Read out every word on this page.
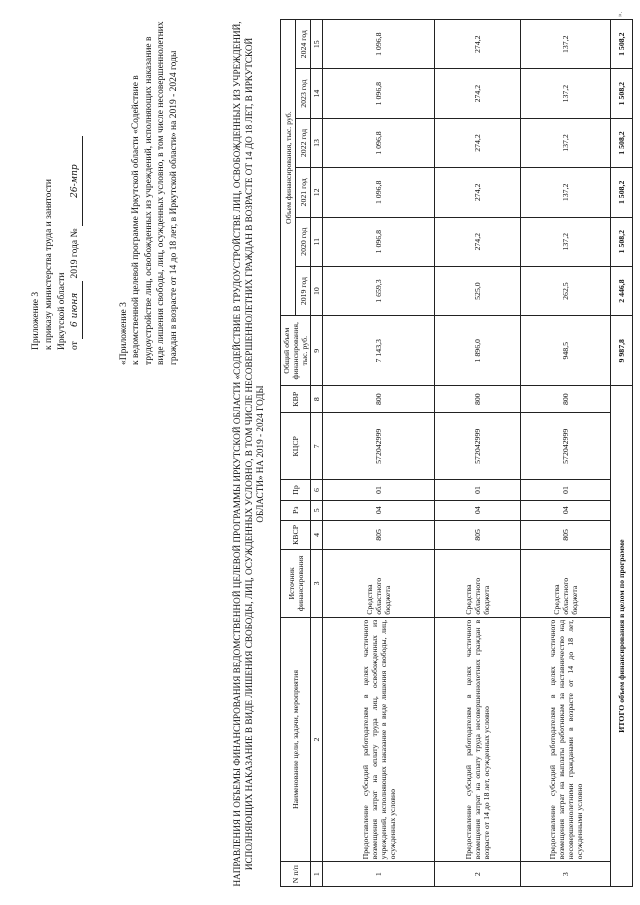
Приложение 3 к приказу министерства труда и занятости Иркутской области от 6 июня 2019 года № 26-мпр
«Приложение 3 к ведомственной целевой программе Иркутской области «Содействие в трудоустройстве лиц, освобожденных из учреждений, исполняющих наказание в виде лишения свободы, лиц, осужденных условно, в том числе несовершеннолетних граждан в возрасте от 14 до 18 лет, в Иркутской области» на 2019 - 2024 годы	НАПРАВЛЕНИЯ И ОБЪЕМЫ ФИНАНСИРОВАНИЯ ВЕДОМСТВЕННОЙ ЦЕЛЕВОЙ ПРОГРАММЫ ИРКУТСКОЙ ОБЛАСТИ «СОДЕЙСТВИЕ В ТРУДОУСТРОЙСТВЕ ЛИЦ, ОСВОБОЖДЕННЫХ ИЗ УЧРЕЖДЕНИЙ, ИСПОЛНЯЮЩИХ НАКАЗАНИЕ В ВИДЕ ЛИШЕНИЯ СВОБОДЫ, ЛИЦ, ОСУЖДЕННЫХ УСЛОВНО, В ТОМ ЧИСЛЕ НЕСОВЕРШЕННОЛЕТНИХ ГРАЖДАН В ВОЗРАСТЕ ОТ 14 ДО 18 ЛЕТ, В ИРКУТСКОЙ ОБЛАСТИ» НА 2019 - 2024 ГОДЫ
N п/п	Наименование цели, задачи, мероприятия	Источник финансирования	КВСР	Рз	Пр	КЦСР	КВР	Общий объем финансирования, тыс. руб.	Объем финансирования, тыс. руб.					
									2019 год	2020 год	2021 год	2022 год	2023 год	2024 год
1	2	3	4	5	6	7	8	9	10	11	12	13	14	15
1	Предоставление субсидий работодателям в целях частичного возмещения затрат на оплату труда лиц, освобожденных из учреждений, исполняющих наказание в виде лишения свободы, лиц, осужденных условно	Средства областного бюджета	805	04	01	572042999	800	7 143,3	1 659,3	1 096,8	1 096,8	1 096,8	1 096,8	1 096,8
2	Предоставление субсидий работодателям в целях частичного возмещения затрат на оплату труда несовершеннолетних граждан в возрасте от 14 до 18 лет, осужденных условно	Средства областного бюджета	805	04	01	572042999	800	1 896,0	525,0	274,2	274,2	274,2	274,2	274,2
3	Предоставление субсидий работодателям в целях частичного возмещения затрат на выплаты работникам за наставничество над несовершеннолетними гражданами в возрасте от 14 до 18 лет, осужденными условно	Средства областного бюджета	805	04	01	572042999	800	948,5	262,5	137,2	137,2	137,2	137,2	137,2
ИТОГО объем финансирования в целом по программе								9 987,8	2 446,8	1 508,2	1 508,2	1 508,2	1 508,2	1 508,2
».
